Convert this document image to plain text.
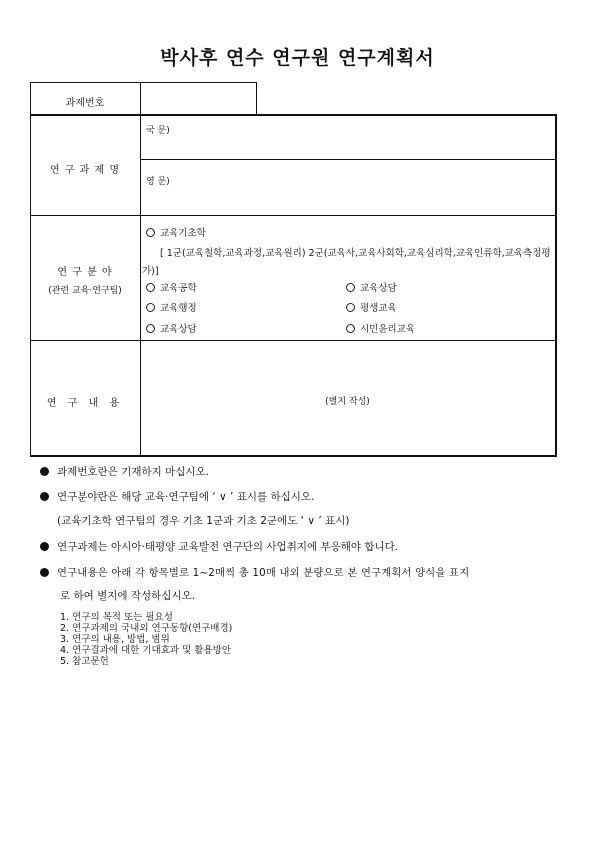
박사후 연수 연구원 연구계획서
과제번호
연 구 과 제 명
국 문)
영 문)
연 구 분 야
(관련 교육·연구팀)
교육기초학
[ 1군(교육철학,교육과정,교육원리) 2군(교육사,교육사회학,교육심리학,교육인류학,교육측정평
가)]
교육공학	교육상담
교육행정	평생교육
교육상담	시민윤리교육
연 구 내 용	(별지 작성)
과제번호란은 기재하지 마십시오.
연구분야란은 해당 교육·연구팀에 ‘ ∨ ’ 표시를 하십시오.
(교육기초학 연구팀의 경우 기초 1군과 기초 2군에도 ‘ ∨ ’ 표시)
연구과제는 아시아·태평양 교육발전 연구단의 사업취지에 부응해야 합니다.
연구내용은 아래 각 항목별로 1~2매씩 총 10매 내외 분량으로 본 연구계획서 양식을 표지
로 하여 별지에 작성하십시오.
1. 연구의 목적 또는 필요성
2. 연구과제의 국내외 연구동향(연구배경)
3. 연구의 내용, 방법, 범위
4. 연구결과에 대한 기대효과 및 활용방안
5. 참고문헌
